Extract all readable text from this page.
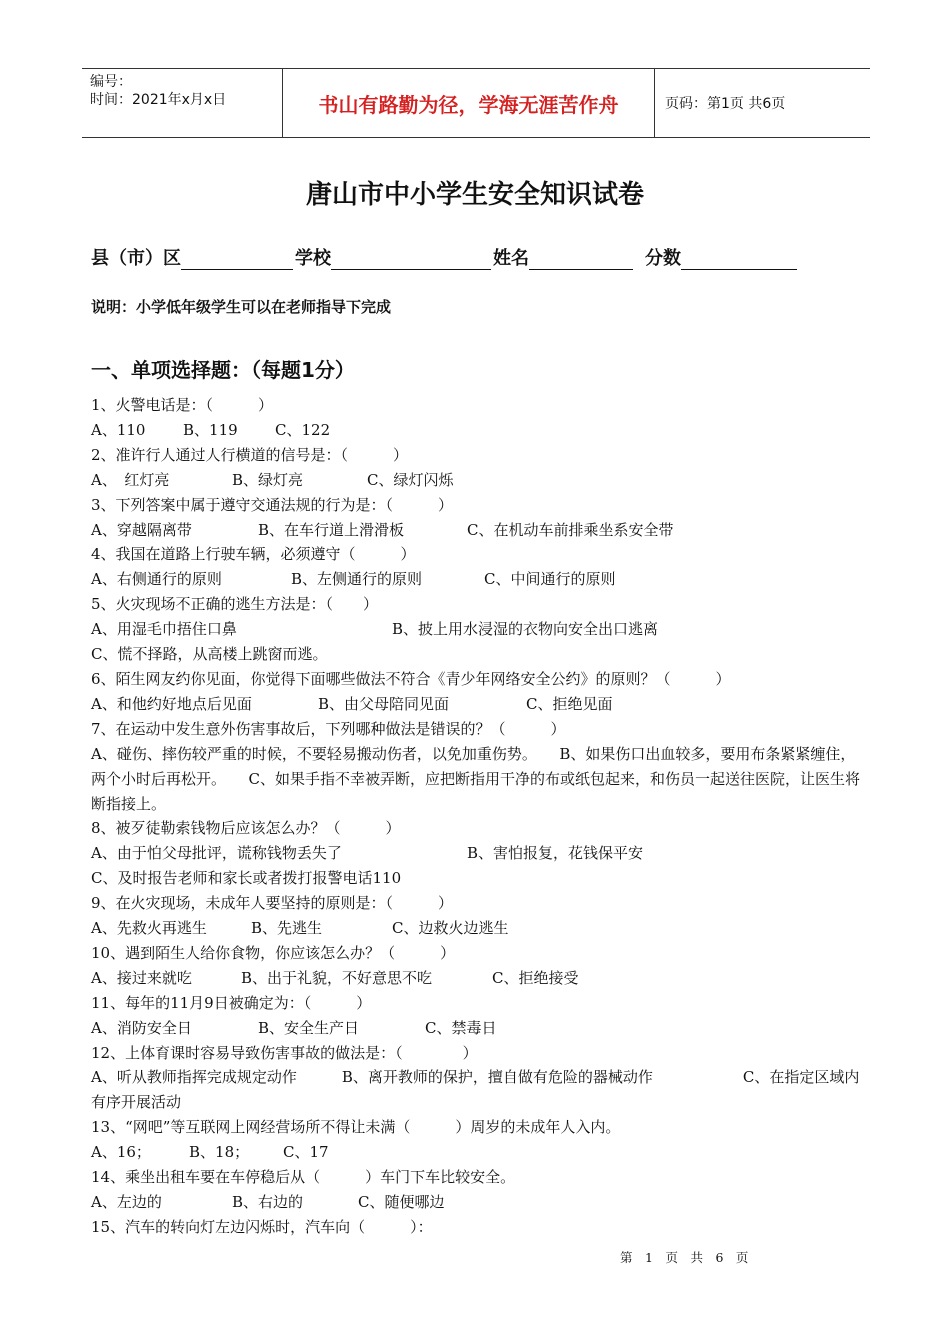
编号：
时间：2021年x月x日	书山有路勤为径，学海无涯苦作舟	页码：第1页 共6页
唐山市中小学生安全知识试卷
县（市）区	学校	姓名	分数
说明：小学低年级学生可以在老师指导下完成
一、单项选择题：（每题1分）
1、火警电话是：（　　　）
A、110	B、119 C、122
2、准许行人通过人行横道的信号是：（　　　）
A、　红灯亮	B、绿灯亮	C、绿灯闪烁
3、下列答案中属于遵守交通法规的行为是：（　　　）
A、穿越隔离带	B、在车行道上滑滑板	C、在机动车前排乘坐系安全带
4、我国在道路上行驶车辆，必须遵守（　　　）
A、右侧通行的原则	B、左侧通行的原则	C、中间通行的原则
5、火灾现场不正确的逃生方法是：（　　）
A、用湿毛巾捂住口鼻	B、披上用水浸湿的衣物向安全出口逃离
C、慌不择路，从高楼上跳窗而逃。
6、陌生网友约你见面，你觉得下面哪些做法不符合《青少年网络安全公约》的原则？（　　　）
A、和他约好地点后见面	B、由父母陪同见面	C、拒绝见面
7、在运动中发生意外伤害事故后，下列哪种做法是错误的？（　　　）
A、碰伤、摔伤较严重的时候，不要轻易搬动伤者，以免加重伤势。　　B、如果伤口出血较多，要用布条紧紧缠住，两个小时后再松开。　　C、如果手指不幸被弄断，应把断指用干净的布或纸包起来，和伤员一起送往医院，让医生将断指接上。
8、被歹徒勒索钱物后应该怎么办？（　　　）
A、由于怕父母批评，谎称钱物丢失了	B、害怕报复，花钱保平安
C、及时报告老师和家长或者拨打报警电话110
9、在火灾现场，未成年人要坚持的原则是：（　　　）
A、先救火再逃生	B、先逃生	C、边救火边逃生
10、遇到陌生人给你食物，你应该怎么办？（　　　）
A、接过来就吃	B、出于礼貌，不好意思不吃	C、拒绝接受
11、每年的11月9日被确定为：（　　　）
A、消防安全日	B、安全生产日	C、禁毒日
12、上体育课时容易导致伤害事故的做法是：（　　　　）
A、听从教师指挥完成规定动作　　　B、离开教师的保护，擅自做有危险的器械动作　　　　　　C、在指定区域内有序开展活动
13、“网吧”等互联网上网经营场所不得让未满（　　　）周岁的未成年人入内。
A、16；	B、18； C、17
14、乘坐出租车要在车停稳后从（　　　）车门下车比较安全。
A、左边的	B、右边的	C、随便哪边
15、汽车的转向灯左边闪烁时，汽车向（　　　）：
第　1　页　共　6　页
